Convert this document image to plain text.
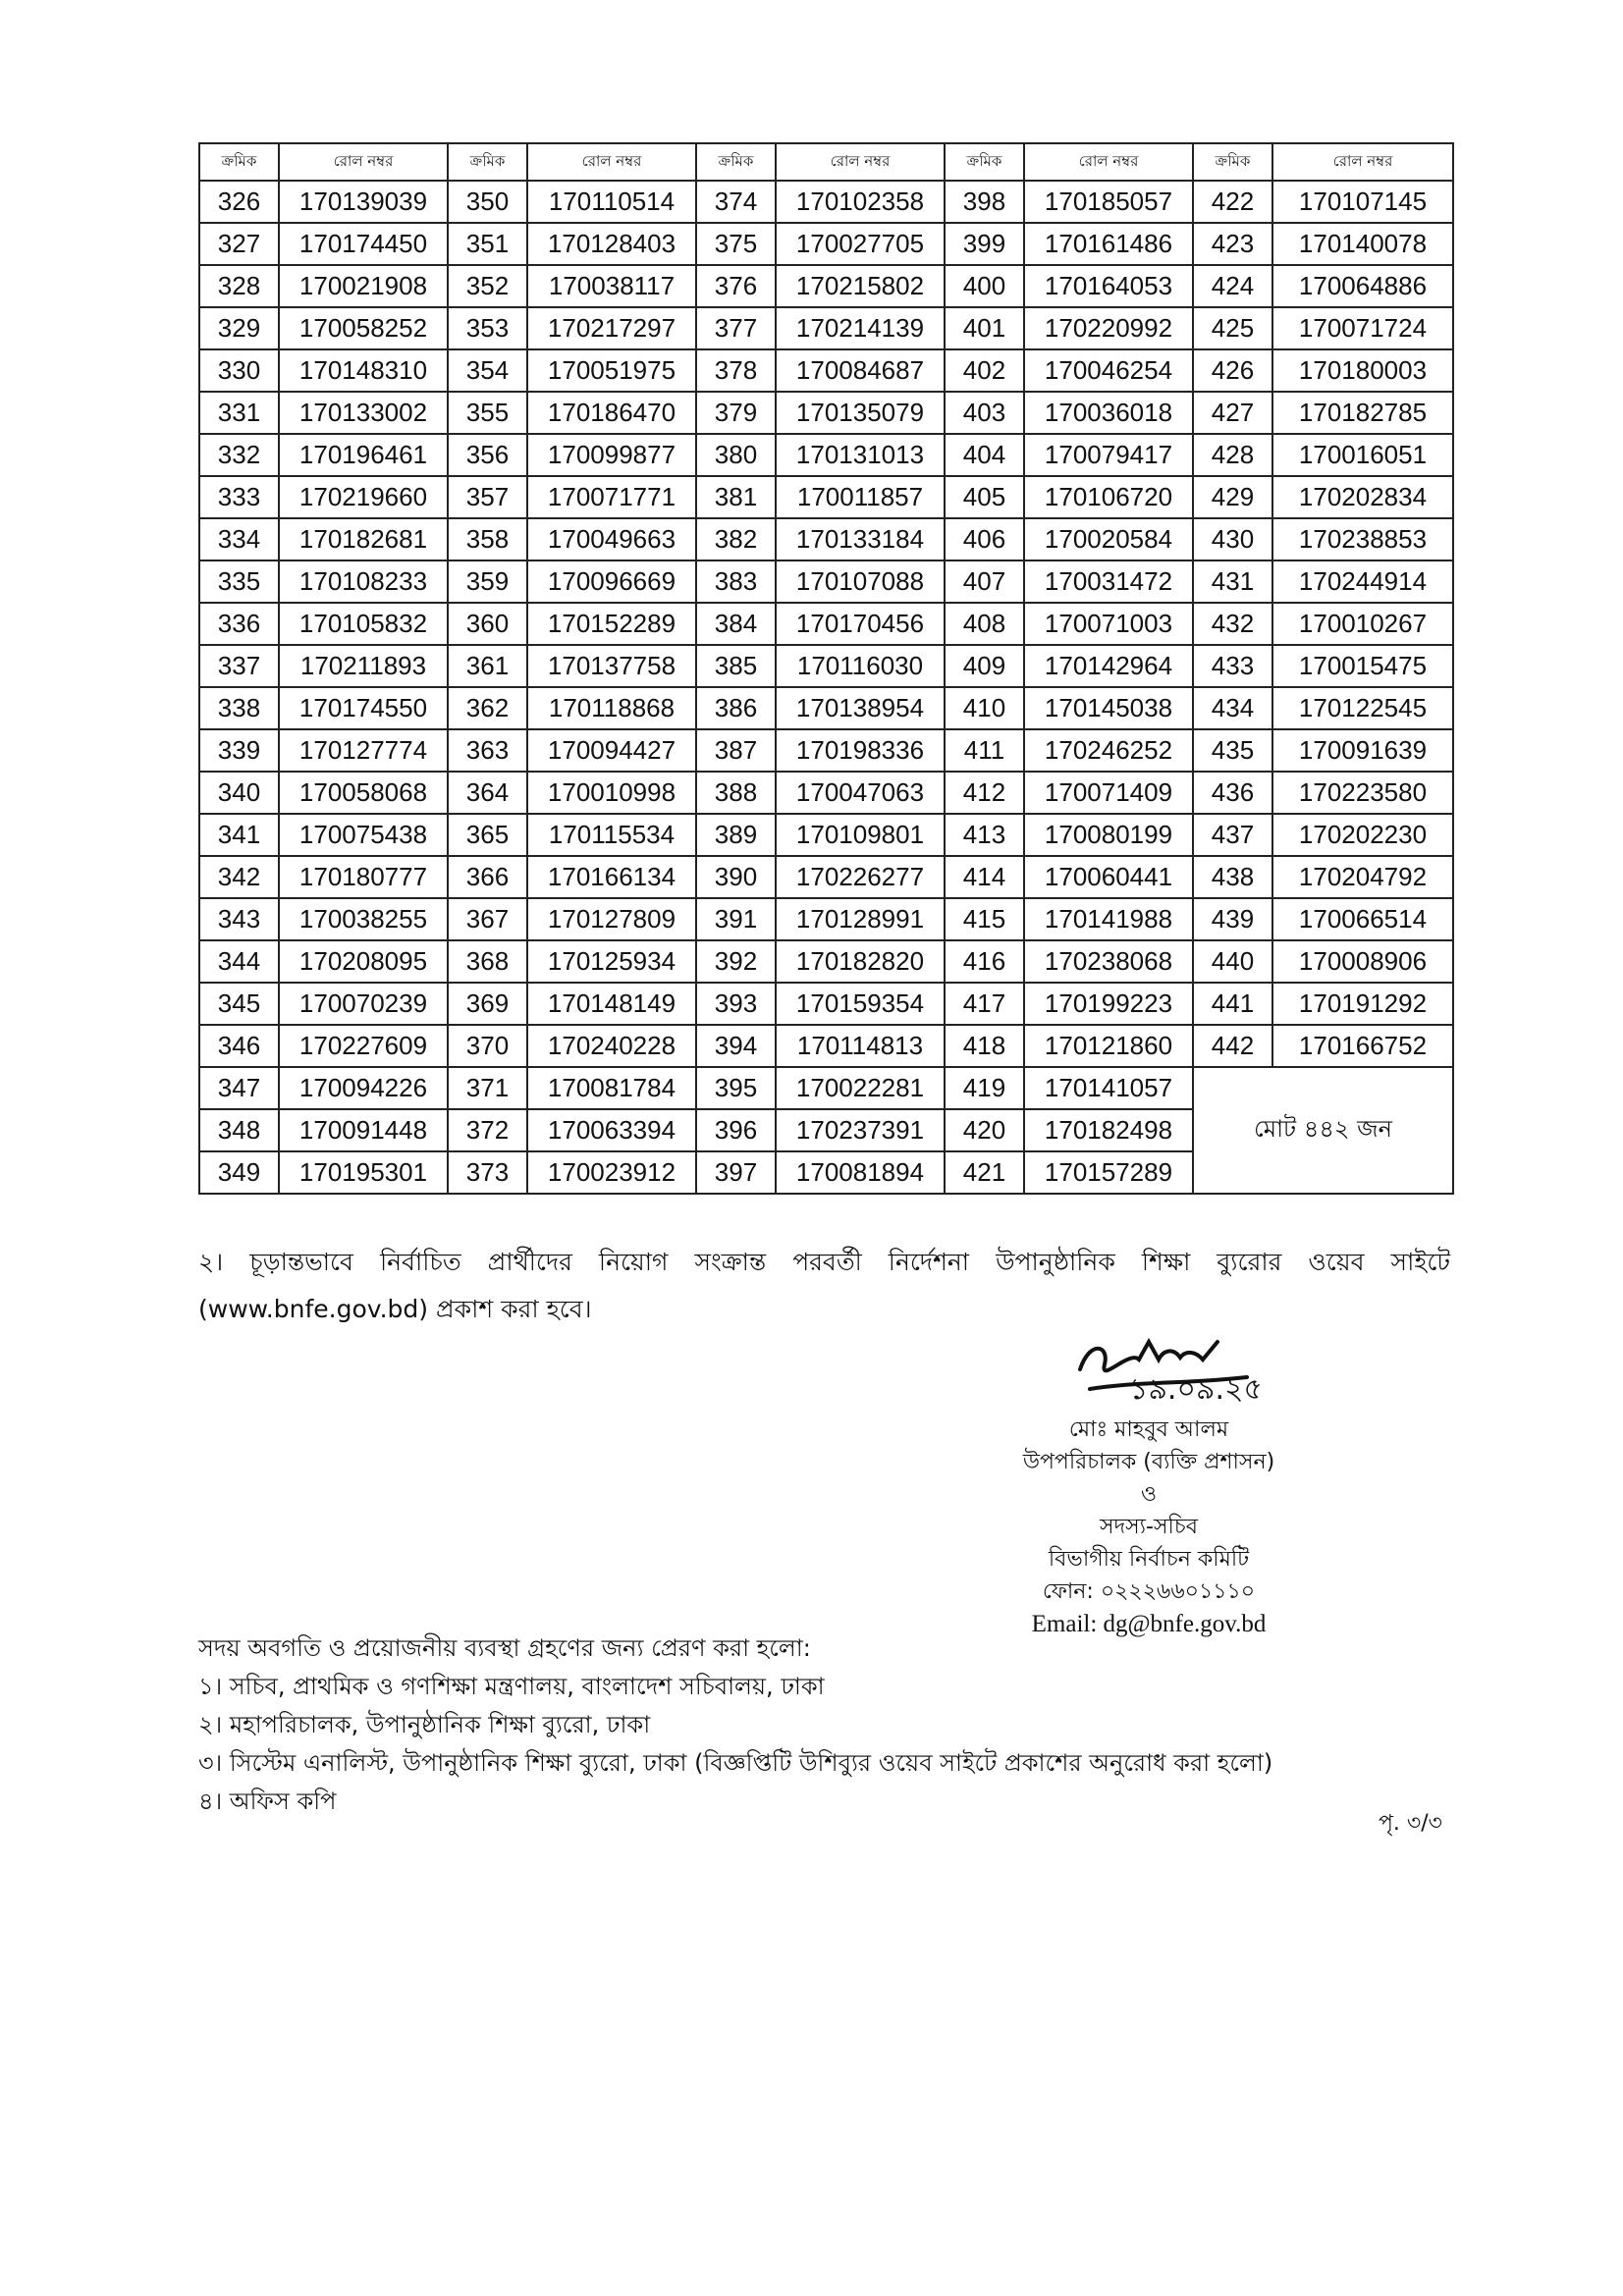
ক্রমিক	রোল নম্বর	ক্রমিক	রোল নম্বর	ক্রমিক	রোল নম্বর	ক্রমিক	রোল নম্বর	ক্রমিক	রোল নম্বর
326	170139039	350	170110514	374	170102358	398	170185057	422	170107145
327	170174450	351	170128403	375	170027705	399	170161486	423	170140078
328	170021908	352	170038117	376	170215802	400	170164053	424	170064886
329	170058252	353	170217297	377	170214139	401	170220992	425	170071724
330	170148310	354	170051975	378	170084687	402	170046254	426	170180003
331	170133002	355	170186470	379	170135079	403	170036018	427	170182785
332	170196461	356	170099877	380	170131013	404	170079417	428	170016051
333	170219660	357	170071771	381	170011857	405	170106720	429	170202834
334	170182681	358	170049663	382	170133184	406	170020584	430	170238853
335	170108233	359	170096669	383	170107088	407	170031472	431	170244914
336	170105832	360	170152289	384	170170456	408	170071003	432	170010267
337	170211893	361	170137758	385	170116030	409	170142964	433	170015475
338	170174550	362	170118868	386	170138954	410	170145038	434	170122545
339	170127774	363	170094427	387	170198336	411	170246252	435	170091639
340	170058068	364	170010998	388	170047063	412	170071409	436	170223580
341	170075438	365	170115534	389	170109801	413	170080199	437	170202230
342	170180777	366	170166134	390	170226277	414	170060441	438	170204792
343	170038255	367	170127809	391	170128991	415	170141988	439	170066514
344	170208095	368	170125934	392	170182820	416	170238068	440	170008906
345	170070239	369	170148149	393	170159354	417	170199223	441	170191292
346	170227609	370	170240228	394	170114813	418	170121860	442	170166752
347	170094226	371	170081784	395	170022281	419	170141057	মোট ৪৪২ জন	
348	170091448	372	170063394	396	170237391	420	170182498		
349	170195301	373	170023912	397	170081894	421	170157289		
২। চূড়ান্তভাবে নির্বাচিত প্রার্থীদের নিয়োগ সংক্রান্ত পরবর্তী নির্দেশনা উপানুষ্ঠানিক শিক্ষা ব্যুরোর ওয়েব সাইটে (www.bnfe.gov.bd) প্রকাশ করা হবে।
১৯.০৯.২৫
মোঃ মাহবুব আলম
উপপরিচালক (ব্যক্তি প্রশাসন)
ও
সদস্য-সচিব
বিভাগীয় নির্বাচন কমিটি
ফোন: ০২২২৬৬০১১১০
Email: dg@bnfe.gov.bd
সদয় অবগতি ও প্রয়োজনীয় ব্যবস্থা গ্রহণের জন্য প্রেরণ করা হলো:
১। সচিব, প্রাথমিক ও গণশিক্ষা মন্ত্রণালয়, বাংলাদেশ সচিবালয়, ঢাকা
২। মহাপরিচালক, উপানুষ্ঠানিক শিক্ষা ব্যুরো, ঢাকা
৩। সিস্টেম এনালিস্ট, উপানুষ্ঠানিক শিক্ষা ব্যুরো, ঢাকা (বিজ্ঞপ্তিটি উশিব্যুর ওয়েব সাইটে প্রকাশের অনুরোধ করা হলো)
৪। অফিস কপি
পৃ. ৩/৩
